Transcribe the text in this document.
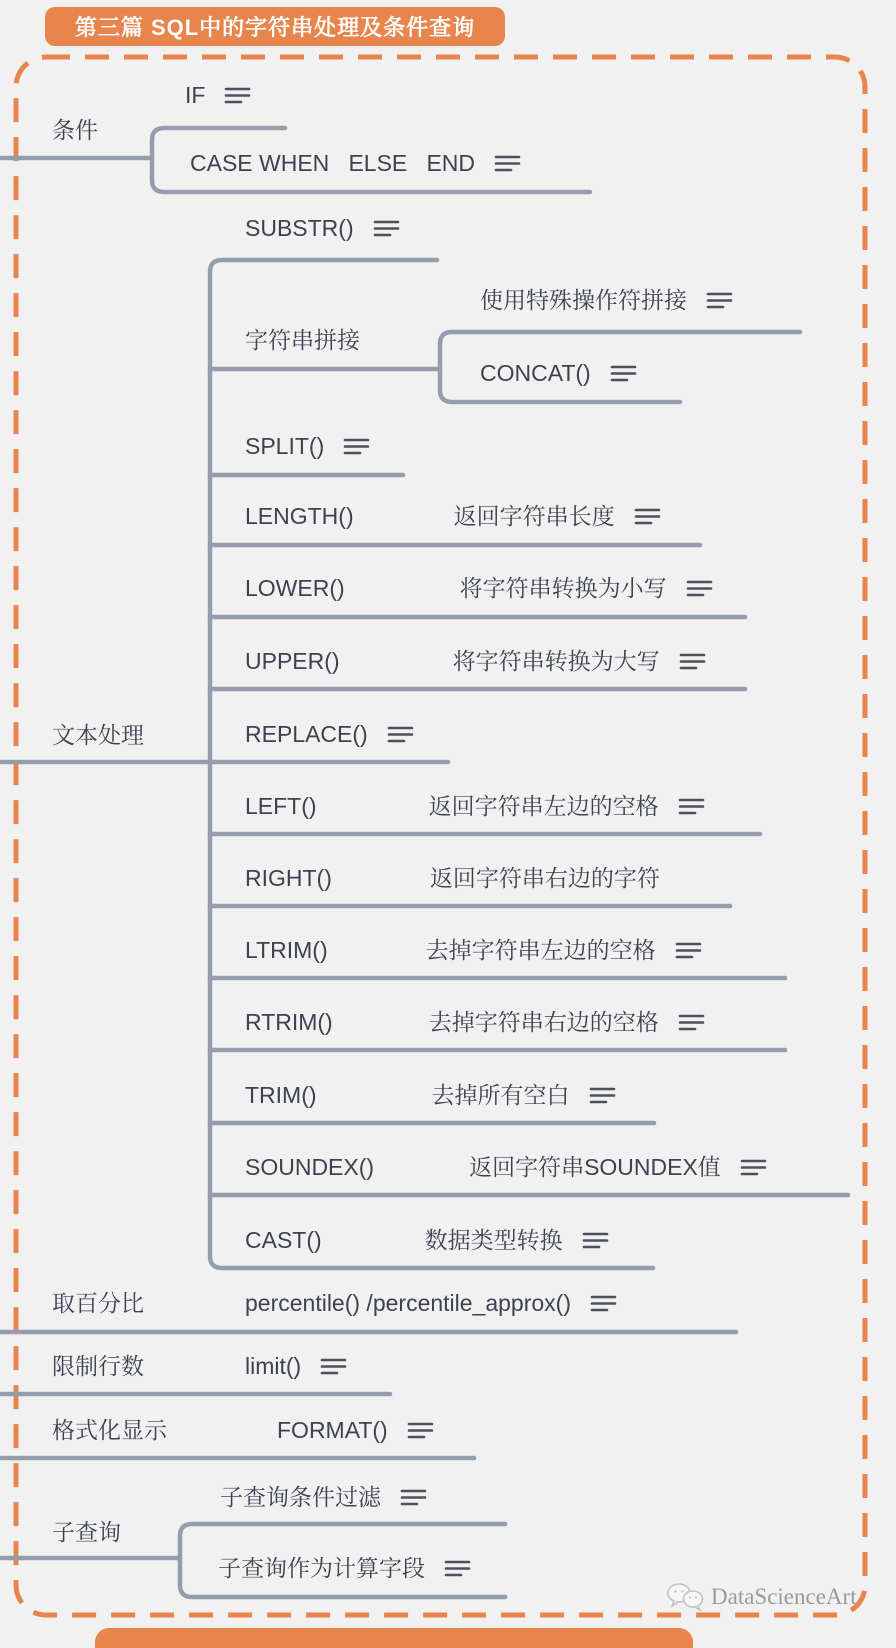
第三篇 SQL中的字符串处理及条件查询
条件
文本处理
取百分比
限制行数
格式化显示
子查询
IF
CASE WHEN   ELSE   END
SUBSTR()
使用特殊操作符拼接
字符串拼接
CONCAT()
SPLIT()
LENGTH()	返回字符串长度
LOWER()	将字符串转换为小写
UPPER()	将字符串转换为大写
REPLACE()
LEFT()	返回字符串左边的空格
RIGHT()	返回字符串右边的字符
LTRIM()	去掉字符串左边的空格
RTRIM()	去掉字符串右边的空格
TRIM()	去掉所有空白
SOUNDEX()	返回字符串SOUNDEX值
CAST()	数据类型转换
percentile() /percentile_approx()
limit()
FORMAT()
子查询条件过滤
子查询作为计算字段
DataScienceArt
